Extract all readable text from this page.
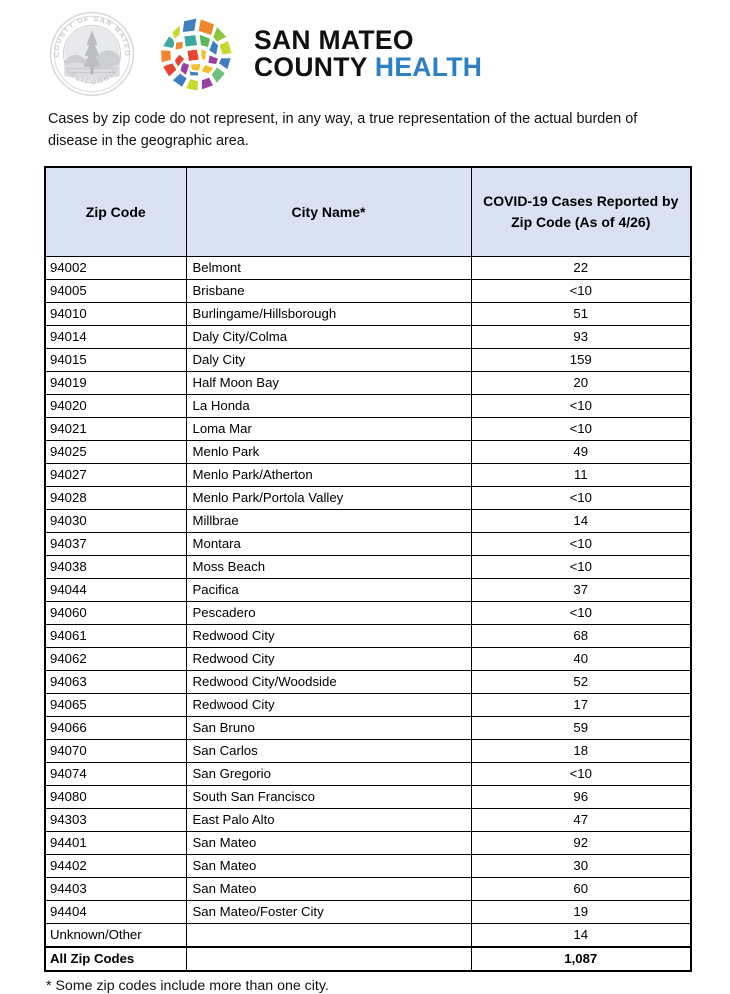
COUNTY OF SAN MATEO
CALIFORNIA
SAN MATEO
COUNTY HEALTH

Cases by zip code do not represent, in any way, a true representation of the actual burden of disease in the geographic area.

Zip Code	City Name*	COVID-19 Cases Reported by
Zip Code (As of 4/26)
94002	Belmont	22
94005	Brisbane	<10
94010	Burlingame/Hillsborough	51
94014	Daly City/Colma	93
94015	Daly City	159
94019	Half Moon Bay	20
94020	La Honda	<10
94021	Loma Mar	<10
94025	Menlo Park	49
94027	Menlo Park/Atherton	11
94028	Menlo Park/Portola Valley	<10
94030	Millbrae	14
94037	Montara	<10
94038	Moss Beach	<10
94044	Pacifica	37
94060	Pescadero	<10
94061	Redwood City	68
94062	Redwood City	40
94063	Redwood City/Woodside	52
94065	Redwood City	17
94066	San Bruno	59
94070	San Carlos	18
94074	San Gregorio	<10
94080	South San Francisco	96
94303	East Palo Alto	47
94401	San Mateo	92
94402	San Mateo	30
94403	San Mateo	60
94404	San Mateo/Foster City	19
Unknown/Other		14
All Zip Codes		1,087
* Some zip codes include more than one city.
